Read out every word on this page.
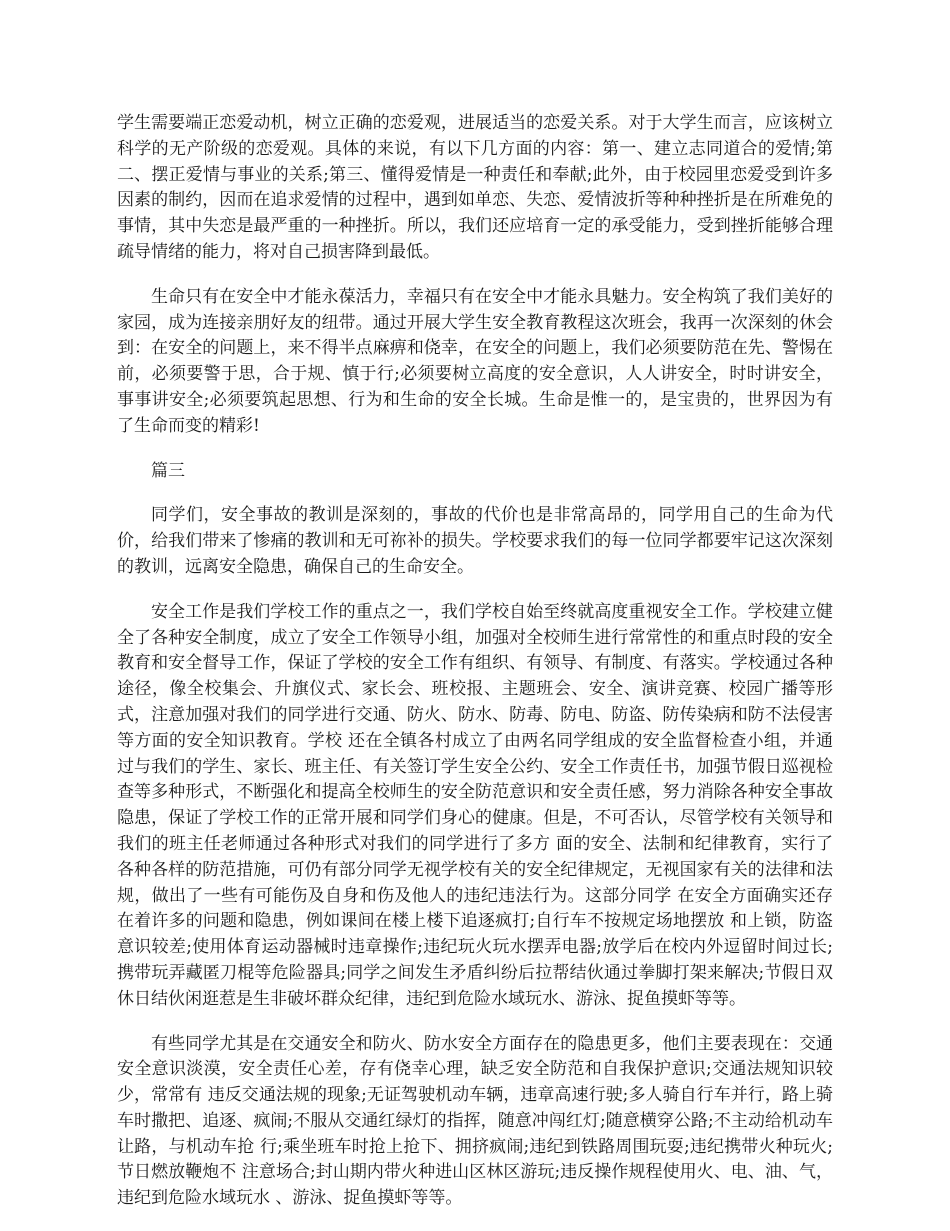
学生需要端正恋爱动机，树立正确的恋爱观，进展适当的恋爱关系。对于大学生而言，应该树立科学的无产阶级的恋爱观。具体的来说，有以下几方面的内容：第一、建立志同道合的爱情;第二、摆正爱情与事业的关系;第三、懂得爱情是一种责任和奉献;此外，由于校园里恋爱受到许多因素的制约，因而在追求爱情的过程中，遇到如单恋、失恋、爱情波折等种种挫折是在所难免的事情，其中失恋是最严重的一种挫折。所以，我们还应培育一定的承受能力，受到挫折能够合理疏导情绪的能力，将对自己损害降到最低。

生命只有在安全中才能永葆活力，幸福只有在安全中才能永具魅力。安全构筑了我们美好的家园，成为连接亲朋好友的纽带。通过开展大学生安全教育教程这次班会，我再一次深刻的休会到：在安全的问题上，来不得半点麻痹和侥幸，在安全的问题上，我们必须要防范在先、警惕在前，必须要警于思，合于规、慎于行;必须要树立高度的安全意识，人人讲安全，时时讲安全，事事讲安全;必须要筑起思想、行为和生命的安全长城。生命是惟一的，是宝贵的，世界因为有了生命而变的精彩!

篇三

同学们，安全事故的教训是深刻的，事故的代价也是非常高昂的，同学用自己的生命为代价，给我们带来了惨痛的教训和无可祢补的损失。学校要求我们的每一位同学都要牢记这次深刻的教训，远离安全隐患，确保自己的生命安全。

安全工作是我们学校工作的重点之一，我们学校自始至终就高度重视安全工作。学校建立健全了各种安全制度，成立了安全工作领导小组，加强对全校师生进行常常性的和重点时段的安全教育和安全督导工作，保证了学校的安全工作有组织、有领导、有制度、有落实。学校通过各种途径，像全校集会、升旗仪式、家长会、班校报、主题班会、安全、演讲竞赛、校园广播等形式，注意加强对我们的同学进行交通、防火、防水、防毒、防电、防盗、防传染病和防不法侵害等方面的安全知识教育。学校 还在全镇各村成立了由两名同学组成的安全监督检查小组，并通过与我们的学生、家长、班主任、有关签订学生安全公约、安全工作责任书，加强节假日巡视检查等多种形式，不断强化和提高全校师生的安全防范意识和安全责任感，努力消除各种安全事故隐患，保证了学校工作的正常开展和同学们身心的健康。但是，不可否认，尽管学校有关领导和我们的班主任老师通过各种形式对我们的同学进行了多方 面的安全、法制和纪律教育，实行了各种各样的防范措施，可仍有部分同学无视学校有关的安全纪律规定，无视国家有关的法律和法规，做出了一些有可能伤及自身和伤及他人的违纪违法行为。这部分同学 在安全方面确实还存在着许多的问题和隐患，例如课间在楼上楼下追逐疯打;自行车不按规定场地摆放 和上锁，防盗意识较差;使用体育运动器械时违章操作;违纪玩火玩水摆弄电器;放学后在校内外逗留时间过长;携带玩弄藏匿刀棍等危险器具;同学之间发生矛盾纠纷后拉帮结伙通过拳脚打架来解决;节假日双休日结伙闲逛惹是生非破坏群众纪律，违纪到危险水域玩水、游泳、捉鱼摸虾等等。

有些同学尤其是在交通安全和防火、防水安全方面存在的隐患更多，他们主要表现在：交通安全意识淡漠，安全责任心差，存有侥幸心理，缺乏安全防范和自我保护意识;交通法规知识较少，常常有 违反交通法规的现象;无证驾驶机动车辆，违章高速行驶;多人骑自行车并行，路上骑车时撒把、追逐、疯闹;不服从交通红绿灯的指挥，随意冲闯红灯;随意横穿公路;不主动给机动车让路，与机动车抢 行;乘坐班车时抢上抢下、拥挤疯闹;违纪到铁路周围玩耍;违纪携带火种玩火;节日燃放鞭炮不 注意场合;封山期内带火种进山区林区游玩;违反操作规程使用火、电、油、气，违纪到危险水域玩水 、游泳、捉鱼摸虾等等。
